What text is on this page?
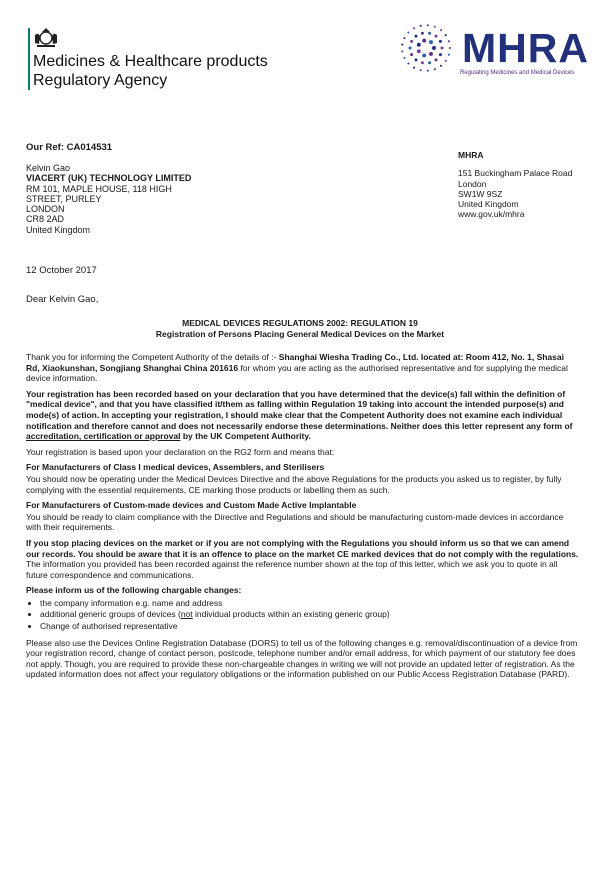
Medicines & Healthcare products
Regulatory Agency
MHRA
Regulating Medicines and Medical Devices
Our Ref: CA014531
Kelvin Gao
VIACERT (UK) TECHNOLOGY LIMITED
RM 101, MAPLE HOUSE, 118 HIGH
STREET, PURLEY
LONDON
CR8 2AD
United Kingdom
MHRA
151 Buckingham Palace Road
London
SW1W 9SZ
United Kingdom
www.gov.uk/mhra
12 October 2017
Dear Kelvin Gao,
MEDICAL DEVICES REGULATIONS 2002: REGULATION 19
Registration of Persons Placing General Medical Devices on the Market

Thank you for informing the Competent Authority of the details of :- Shanghai Wiesha Trading Co., Ltd. located at: Room 412, No. 1, Shasai Rd, Xiaokunshan, Songjiang Shanghai China 201616 for whom you are acting as the authorised representative and for supplying the medical device information.

Your registration has been recorded based on your declaration that you have determined that the device(s) fall within the definition of "medical device", and that you have classified it/them as falling within Regulation 19 taking into account the intended purpose(s) and mode(s) of action. In accepting your registration, I should make clear that the Competent Authority does not examine each individual notification and therefore cannot and does not necessarily endorse these determinations. Neither does this letter represent any form of accreditation, certification or approval by the UK Competent Authority.

Your registration is based upon your declaration on the RG2 form and means that:

For Manufacturers of Class I medical devices, Assemblers, and Sterilisers

You should now be operating under the Medical Devices Directive and the above Regulations for the products you asked us to register, by fully complying with the essential requirements, CE marking those products or labelling them as such.

For Manufacturers of Custom-made devices and Custom Made Active Implantable

You should be ready to claim compliance with the Directive and Regulations and should be manufacturing custom-made devices in accordance with their requirements.

If you stop placing devices on the market or if you are not complying with the Regulations you should inform us so that we can amend our records. You should be aware that it is an offence to place on the market CE marked devices that do not comply with the regulations.

The information you provided has been recorded against the reference number shown at the top of this letter, which we ask you to quote in all future correspondence and communications.

Please inform us of the following chargable changes:
• the company information e.g. name and address
• additional generic groups of devices (not individual products within an existing generic group)
• Change of authorised representative

Please also use the Devices Online Registration Database (DORS) to tell us of the following changes e.g. removal/discontinuation of a device from your registration record, change of contact person, postcode, telephone number and/or email address, for which payment of our statutory fee does not apply. Though, you are required to provide these non-chargeable changes in writing we will not provide an updated letter of registration. As the updated information does not affect your regulatory obligations or the information published on our Public Access Registration Database (PARD).
